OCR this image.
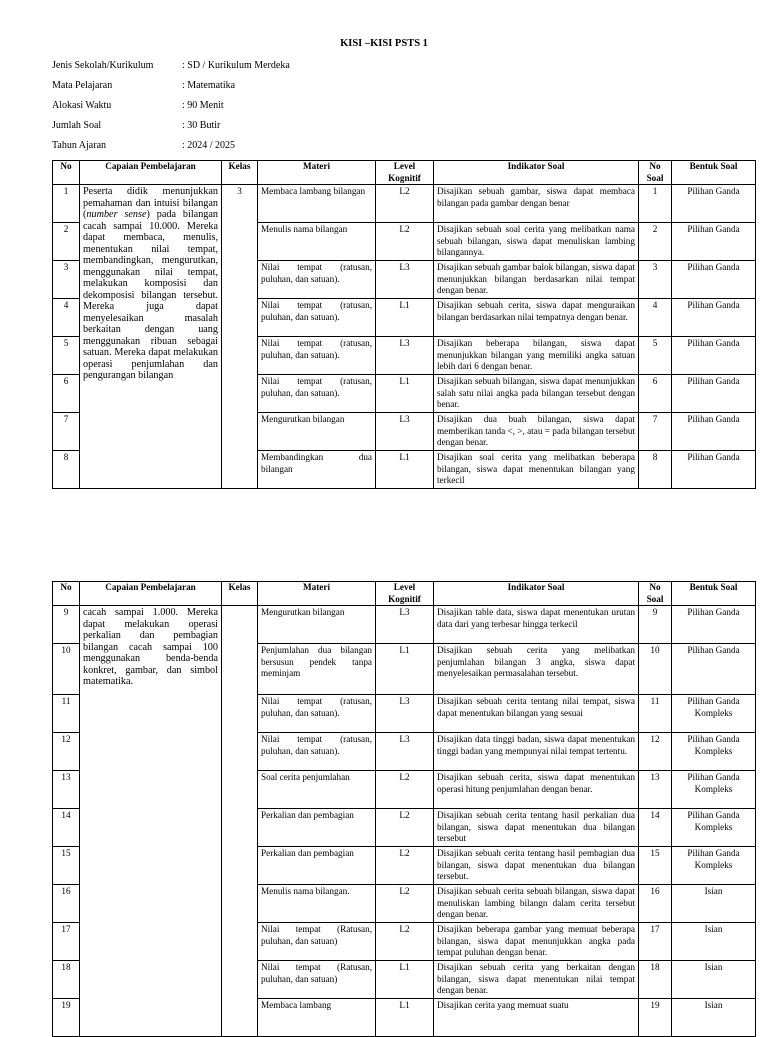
KISI –KISI PSTS 1
Jenis Sekolah/Kurikulum	: SD / Kurikulum Merdeka
Mata Pelajaran	: Matematika
Alokasi Waktu	: 90 Menit
Jumlah Soal	: 30 Butir
Tahun Ajaran	: 2024 / 2025
No	Capaian Pembelajaran	Kelas	Materi	Level Kognitif	Indikator Soal	No Soal	Bentuk Soal
1	Peserta didik menunjukkan pemahaman dan intuisi bilangan (number sense) pada bilangan cacah sampai 10.000. Mereka dapat membaca, menulis, menentukan nilai tempat, membandingkan, mengurutkan, menggunakan nilai tempat, melakukan komposisi dan dekomposisi bilangan tersebut. Mereka juga dapat menyelesaikan masalah berkaitan dengan uang menggunakan ribuan sebagai satuan. Mereka dapat melakukan operasi penjumlahan dan pengurangan bilangan	3	Membaca lambang bilangan	L2	Disajikan sebuah gambar, siswa dapat membaca bilangan pada gambar dengan benar	1	Pilihan Ganda
2			Menulis nama bilangan	L2	Disajikan sebuah soal cerita yang melibatkan nama sebuah bilangan, siswa dapat menuliskan lambing bilangannya.	2	Pilihan Ganda
3			Nilai tempat (ratusan, puluhan, dan satuan).	L3	Disajikan sebuah gambar balok bilangan, siswa dapat menunjukkan bilangan berdasarkan nilai tempat dengan benar.	3	Pilihan Ganda
4			Nilai tempat (ratusan, puluhan, dan satuan).	L1	Disajikan sebuah cerita, siswa dapat menguraikan bilangan berdasarkan nilai tempatnya dengan benar.	4	Pilihan Ganda
5			Nilai tempat (ratusan, puluhan, dan satuan).	L3	Disajikan beberapa bilangan, siswa dapat menunjukkan bilangan yang memiliki angka satuan lebih dari 6 dengan benar.	5	Pilihan Ganda
6			Nilai tempat (ratusan, puluhan, dan satuan).	L1	Disajikan sebuah bilangan, siswa dapat menunjukkan salah satu nilai angka pada bilangan tersebut dengan benar.	6	Pilihan Ganda
7			Mengurutkan bilangan	L3	Disajikan dua buah bilangan, siswa dapat memberikan tanda <, >, atau = pada bilangan tersebut dengan benar.	7	Pilihan Ganda
8			Membandingkan dua bilangan	L1	Disajikan soal cerita yang melibatkan beberapa bilangan, siswa dapat menentukan bilangan yang terkecil	8	Pilihan Ganda
No	Capaian Pembelajaran	Kelas	Materi	Level Kognitif	Indikator Soal	No Soal	Bentuk Soal
9	cacah sampai 1.000. Mereka dapat melakukan operasi perkalian dan pembagian bilangan cacah sampai 100 menggunakan benda-benda konkret, gambar, dan simbol matematika.		Mengurutkan bilangan	L3	Disajikan table data, siswa dapat menentukan urutan data dari yang terbesar hingga terkecil	9	Pilihan Ganda
10			Penjumlahan dua bilangan bersusun pendek tanpa meminjam	L1	Disajikan sebuah cerita yang melibatkan penjumlahan bilangan 3 angka, siswa dapat menyelesaikan permasalahan tersebut.	10	Pilihan Ganda
11			Nilai tempat (ratusan, puluhan, dan satuan).	L3	Disajikan sebuah cerita tentang nilai tempat, siswa dapat menentukan bilangan yang sesuai	11	Pilihan Ganda Kompleks
12			Nilai tempat (ratusan, puluhan, dan satuan).	L3	Disajikan data tinggi badan, siswa dapat menentukan tinggi badan yang mempunyai nilai tempat tertentu.	12	Pilihan Ganda Kompleks
13			Soal cerita penjumlahan	L2	Disajikan sebuah cerita, siswa dapat menentukan operasi hitung penjumlahan dengan benar.	13	Pilihan Ganda Kompleks
14			Perkalian dan pembagian	L2	Disajikan sebuah cerita tentang hasil perkalian dua bilangan, siswa dapat menentukan dua bilangan tersebut	14	Pilihan Ganda Kompleks
15			Perkalian dan pembagian	L2	Disajikan sebuah cerita tentang hasil pembagian dua bilangan, siswa dapat menentukan dua bilangan tersebut.	15	Pilihan Ganda Kompleks
16			Menulis nama bilangan.	L2	Disajikan sebuah cerita sebuah bilangan, siswa dapat menuliskan lambing bilangn dalam cerita tersebut dengan benar.	16	Isian
17			Nilai tempat (Ratusan, puluhan, dan satuan)	L2	Disajikan beberapa gambar yang memuat beberapa bilangan, siswa dapat menunjukkan angka pada tempat puluhan dengan benar.	17	Isian
18			Nilai tempat (Ratusan, puluhan, dan satuan)	L1	Disajikan sebuah cerita yang berkaitan dengan bilangan, siswa dapat menentukan nilai tempat dengan benar.	18	Isian
19			Membaca lambang	L1	Disajikan cerita yang memuat suatu	19	Isian
